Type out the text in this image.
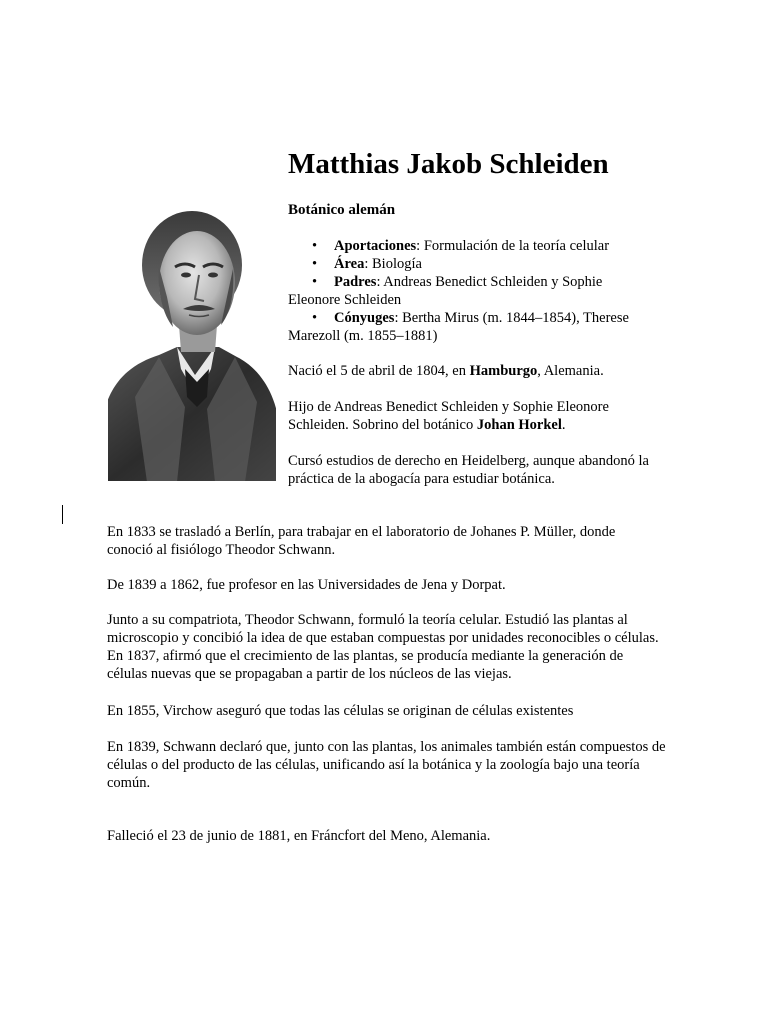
Matthias Jakob Schleiden

Botánico alemán

• Aportaciones: Formulación de la teoría celular
• Área: Biología
• Padres: Andreas Benedict Schleiden y Sophie Eleonore Schleiden
• Cónyuges: Bertha Mirus (m. 1844–1854), Therese Marezoll (m. 1855–1881)

Nació el 5 de abril de 1804, en Hamburgo, Alemania.

Hijo de Andreas Benedict Schleiden y Sophie Eleonore Schleiden. Sobrino del botánico Johan Horkel.

Cursó estudios de derecho en Heidelberg, aunque abandonó la práctica de la abogacía para estudiar botánica.

En 1833 se trasladó a Berlín, para trabajar en el laboratorio de Johanes P. Müller, donde conoció al fisiólogo Theodor Schwann.

De 1839 a 1862, fue profesor en las Universidades de Jena y Dorpat.

Junto a su compatriota, Theodor Schwann, formuló la teoría celular. Estudió las plantas al microscopio y concibió la idea de que estaban compuestas por unidades reconocibles o células. En 1837, afirmó que el crecimiento de las plantas, se producía mediante la generación de células nuevas que se propagaban a partir de los núcleos de las viejas.

En 1855, Virchow aseguró que todas las células se originan de células existentes

En 1839, Schwann declaró que, junto con las plantas, los animales también están compuestos de células o del producto de las células, unificando así la botánica y la zoología bajo una teoría común.

Falleció el 23 de junio de 1881, en Fráncfort del Meno, Alemania.
